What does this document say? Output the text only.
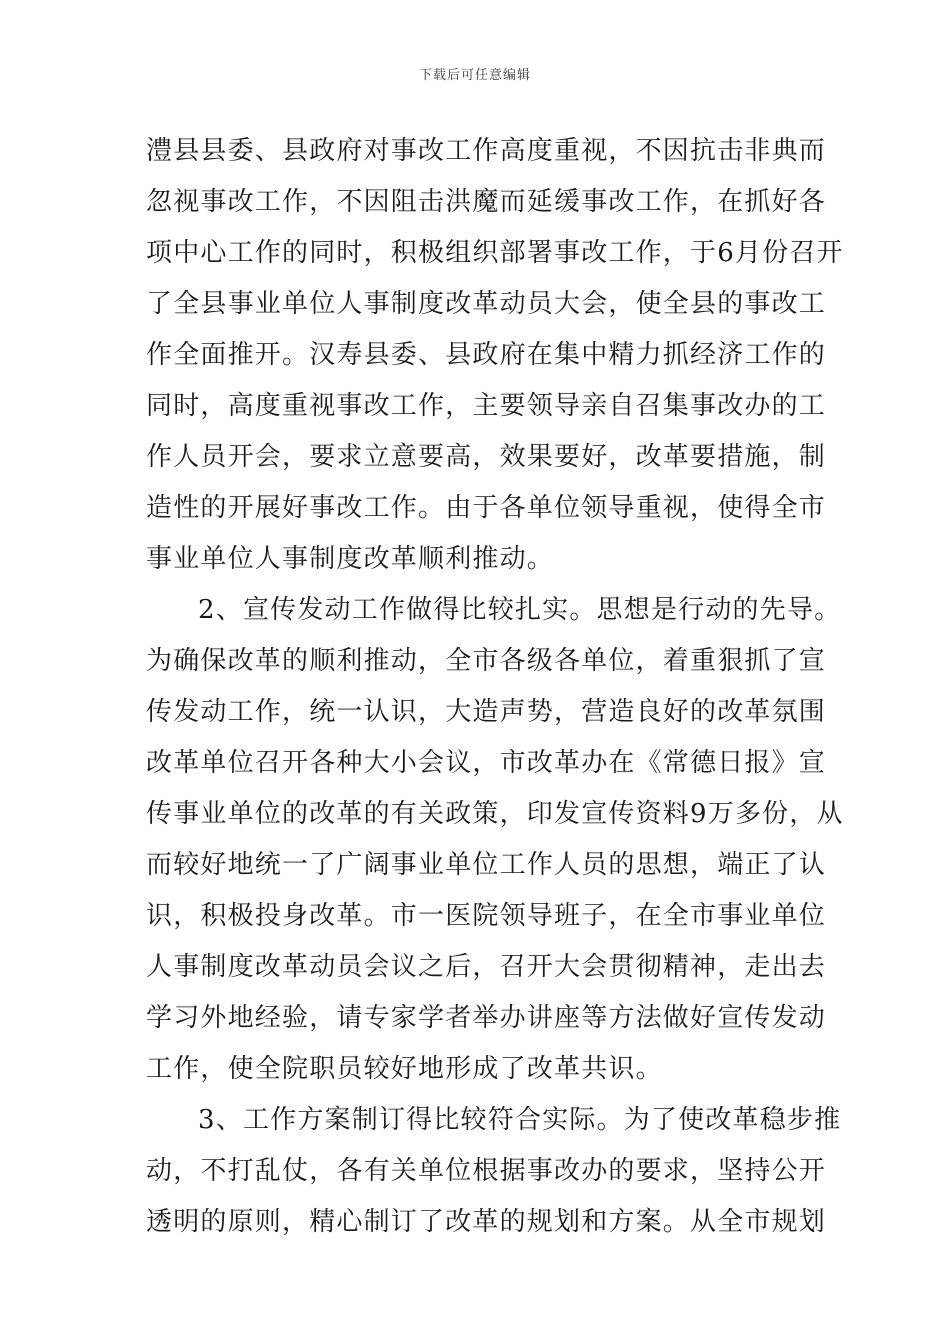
下载后可任意编辑
澧县县委、县政府对事改工作高度重视，不因抗击非典而
忽视事改工作，不因阻击洪魔而延缓事改工作，在抓好各
项中心工作的同时，积极组织部署事改工作，于6月份召开
了全县事业单位人事制度改革动员大会，使全县的事改工
作全面推开。汉寿县委、县政府在集中精力抓经济工作的
同时，高度重视事改工作，主要领导亲自召集事改办的工
作人员开会，要求立意要高，效果要好，改革要措施，制
造性的开展好事改工作。由于各单位领导重视，使得全市
事业单位人事制度改革顺利推动。
2、宣传发动工作做得比较扎实。思想是行动的先导。
为确保改革的顺利推动，全市各级各单位，着重狠抓了宣
传发动工作，统一认识，大造声势，营造良好的改革氛围
改革单位召开各种大小会议，市改革办在《常德日报》宣
传事业单位的改革的有关政策，印发宣传资料9万多份，从
而较好地统一了广阔事业单位工作人员的思想，端正了认
识，积极投身改革。市一医院领导班子，在全市事业单位
人事制度改革动员会议之后，召开大会贯彻精神，走出去
学习外地经验，请专家学者举办讲座等方法做好宣传发动
工作，使全院职员较好地形成了改革共识。
3、工作方案制订得比较符合实际。为了使改革稳步推
动，不打乱仗，各有关单位根据事改办的要求，坚持公开
透明的原则，精心制订了改革的规划和方案。从全市规划
